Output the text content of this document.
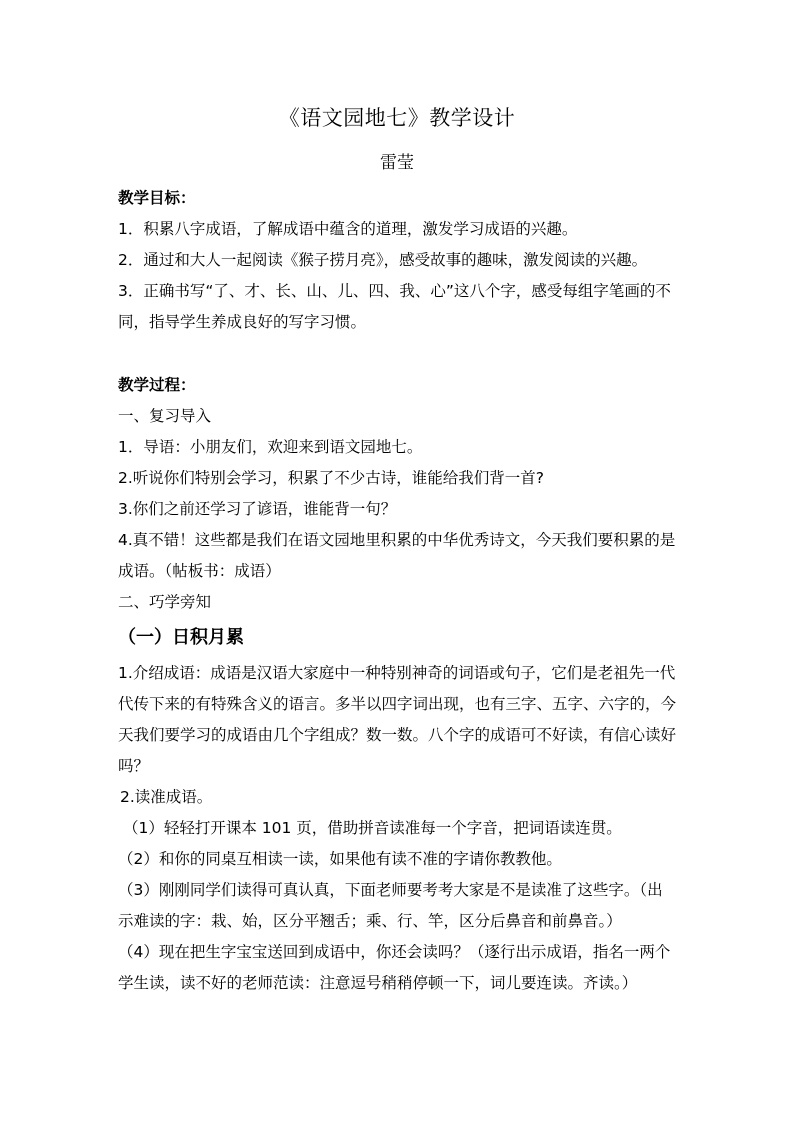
《语文园地七》教学设计
雷莹

教学目标：

1．积累八字成语，了解成语中蕴含的道理，激发学习成语的兴趣。

2．通过和大人一起阅读《猴子捞月亮》，感受故事的趣味，激发阅读的兴趣。

3．正确书写“了、才、长、山、儿、四、我、心”这八个字，感受每组字笔画的不同，指导学生养成良好的写字习惯。

教学过程：

一、复习导入

1．导语：小朋友们，欢迎来到语文园地七。

2.听说你们特别会学习，积累了不少古诗，谁能给我们背一首?

3.你们之前还学习了谚语，谁能背一句？

4.真不错！这些都是我们在语文园地里积累的中华优秀诗文，今天我们要积累的是成语。（帖板书：成语）

二、巧学旁知

（一）日积月累

1.介绍成语：成语是汉语大家庭中一种特别神奇的词语或句子，它们是老祖先一代代传下来的有特殊含义的语言。多半以四字词出现，也有三字、五字、六字的，今天我们要学习的成语由几个字组成？数一数。八个字的成语可不好读，有信心读好吗？

2.读准成语。

（1）轻轻打开课本 101 页，借助拼音读准每一个字音，把词语读连贯。

（2）和你的同桌互相读一读，如果他有读不准的字请你教教他。

（3）刚刚同学们读得可真认真，下面老师要考考大家是不是读准了这些字。（出示难读的字：栽、始，区分平翘舌；乘、行、竿，区分后鼻音和前鼻音。）

（4）现在把生字宝宝送回到成语中，你还会读吗？（逐行出示成语，指名一两个学生读，读不好的老师范读：注意逗号稍稍停顿一下，词儿要连读。齐读。）
